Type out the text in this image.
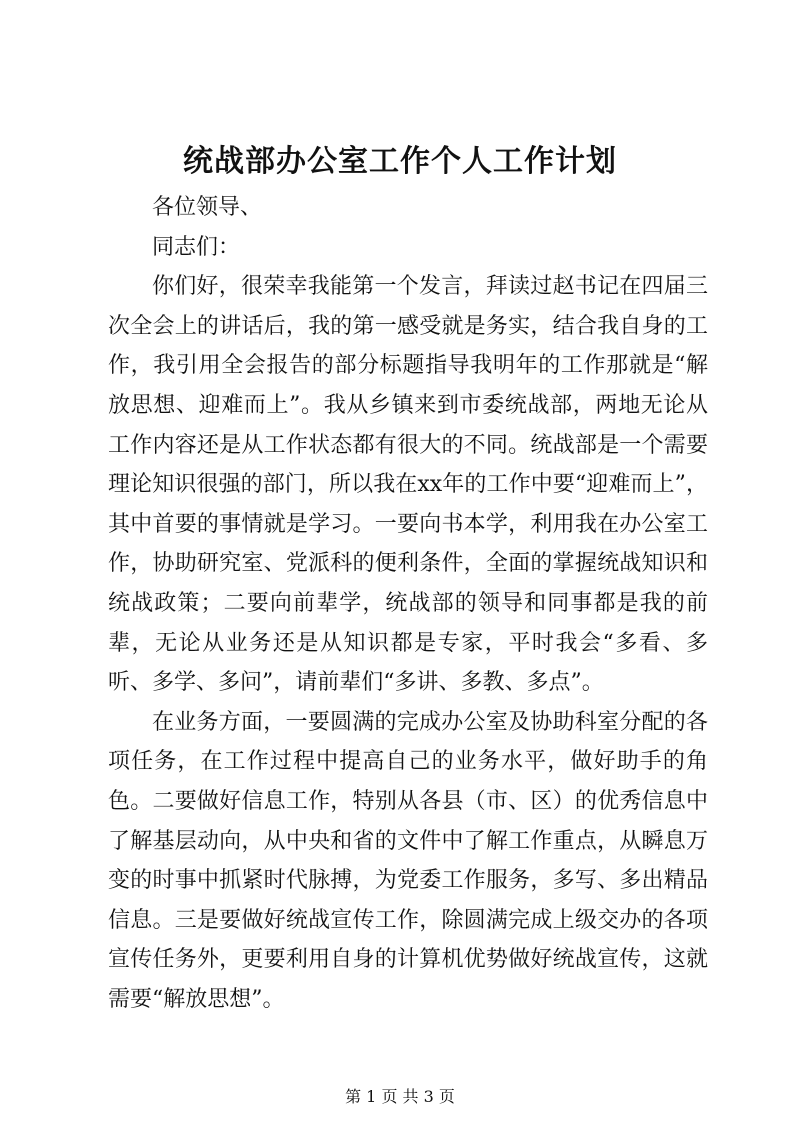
统战部办公室工作个人工作计划

各位领导、

同志们：

你们好，很荣幸我能第一个发言，拜读过赵书记在四届三次全会上的讲话后，我的第一感受就是务实，结合我自身的工作，我引用全会报告的部分标题指导我明年的工作那就是“解放思想、迎难而上”。我从乡镇来到市委统战部，两地无论从工作内容还是从工作状态都有很大的不同。统战部是一个需要理论知识很强的部门，所以我在xx年的工作中要“迎难而上”，其中首要的事情就是学习。一要向书本学，利用我在办公室工作，协助研究室、党派科的便利条件，全面的掌握统战知识和统战政策；二要向前辈学，统战部的领导和同事都是我的前辈，无论从业务还是从知识都是专家，平时我会“多看、多听、多学、多问”，请前辈们“多讲、多教、多点”。

在业务方面，一要圆满的完成办公室及协助科室分配的各项任务，在工作过程中提高自己的业务水平，做好助手的角色。二要做好信息工作，特别从各县（市、区）的优秀信息中了解基层动向，从中央和省的文件中了解工作重点，从瞬息万变的时事中抓紧时代脉搏，为党委工作服务，多写、多出精品信息。三是要做好统战宣传工作，除圆满完成上级交办的各项宣传任务外，更要利用自身的计算机优势做好统战宣传，这就需要“解放思想”。

第 1 页 共 3 页
